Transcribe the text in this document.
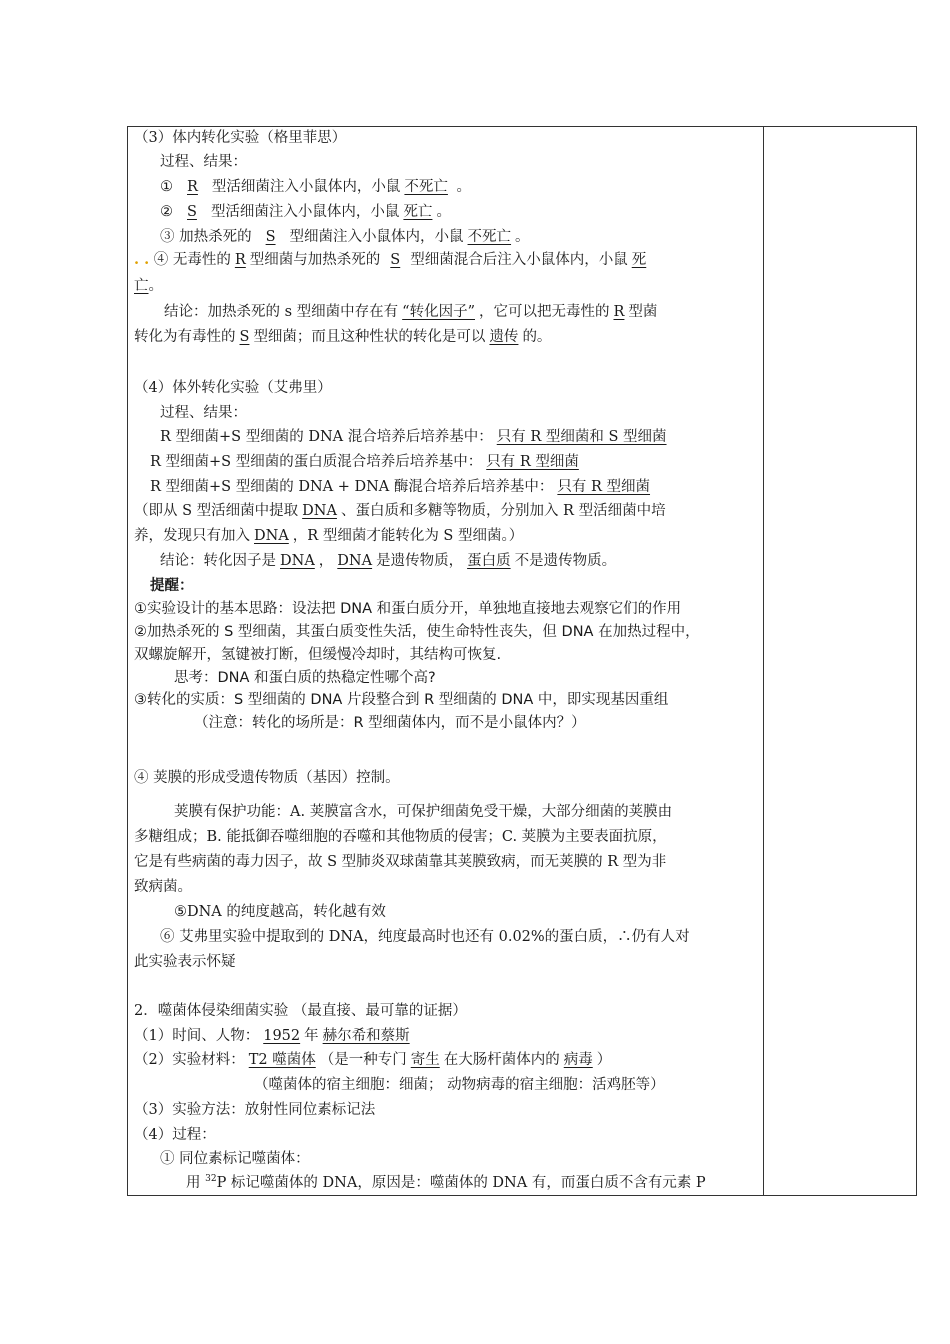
（3）体内转化实验（格里菲思）
过程、结果：
① R 型活细菌注入小鼠体内，小鼠 不死亡 。
② S 型活细菌注入小鼠体内，小鼠 死亡 。
③ 加热杀死的 S 型细菌注入小鼠体内，小鼠 不死亡 。
. . ④ 无毒性的 R 型细菌与加热杀死的 S 型细菌混合后注入小鼠体内，小鼠 死
亡。
结论：加热杀死的 s 型细菌中存在有 “转化因子” ，它可以把无毒性的 R 型菌
转化为有毒性的 S 型细菌；而且这种性状的转化是可以 遗传 的。
（4）体外转化实验（艾弗里）
过程、结果：
R 型细菌+S 型细菌的 DNA 混合培养后培养基中： 只有 R 型细菌和 S 型细菌
R 型细菌+S 型细菌的蛋白质混合培养后培养基中： 只有 R 型细菌
R 型细菌+S 型细菌的 DNA + DNA 酶混合培养后培养基中： 只有 R 型细菌
（即从 S 型活细菌中提取 DNA 、蛋白质和多糖等物质，分别加入 R 型活细菌中培
养，发现只有加入 DNA ，R 型细菌才能转化为 S 型细菌。）
结论：转化因子是 DNA ， DNA 是遗传物质， 蛋白质 不是遗传物质。
提醒：
①实验设计的基本思路：设法把 DNA 和蛋白质分开，单独地直接地去观察它们的作用
②加热杀死的 S 型细菌，其蛋白质变性失活，使生命特性丧失，但 DNA 在加热过程中，
双螺旋解开，氢键被打断，但缓慢冷却时，其结构可恢复.
思考：DNA 和蛋白质的热稳定性哪个高?
③转化的实质：S 型细菌的 DNA 片段整合到 R 型细菌的 DNA 中，即实现基因重组
（注意：转化的场所是：R 型细菌体内，而不是小鼠体内？）
④ 荚膜的形成受遗传物质（基因）控制。
荚膜有保护功能：A. 荚膜富含水，可保护细菌免受干燥，大部分细菌的荚膜由
多糖组成；B. 能抵御吞噬细胞的吞噬和其他物质的侵害；C. 荚膜为主要表面抗原，
它是有些病菌的毒力因子，故 S 型肺炎双球菌靠其荚膜致病，而无荚膜的 R 型为非
致病菌。
⑤DNA 的纯度越高，转化越有效
⑥ 艾弗里实验中提取到的 DNA，纯度最高时也还有 0.02%的蛋白质，∴仍有人对
此实验表示怀疑
2．噬菌体侵染细菌实验 （最直接、最可靠的证据）
（1）时间、人物： 1952 年 赫尔希和蔡斯
（2）实验材料： T2 噬菌体 （是一种专门 寄生 在大肠杆菌体内的 病毒 ）
（噬菌体的宿主细胞：细菌； 动物病毒的宿主细胞：活鸡胚等）
（3）实验方法：放射性同位素标记法
（4）过程：
① 同位素标记噬菌体：
用 $^{32}$P 标记噬菌体的 DNA，原因是：噬菌体的 DNA 有，而蛋白质不含有元素 P
